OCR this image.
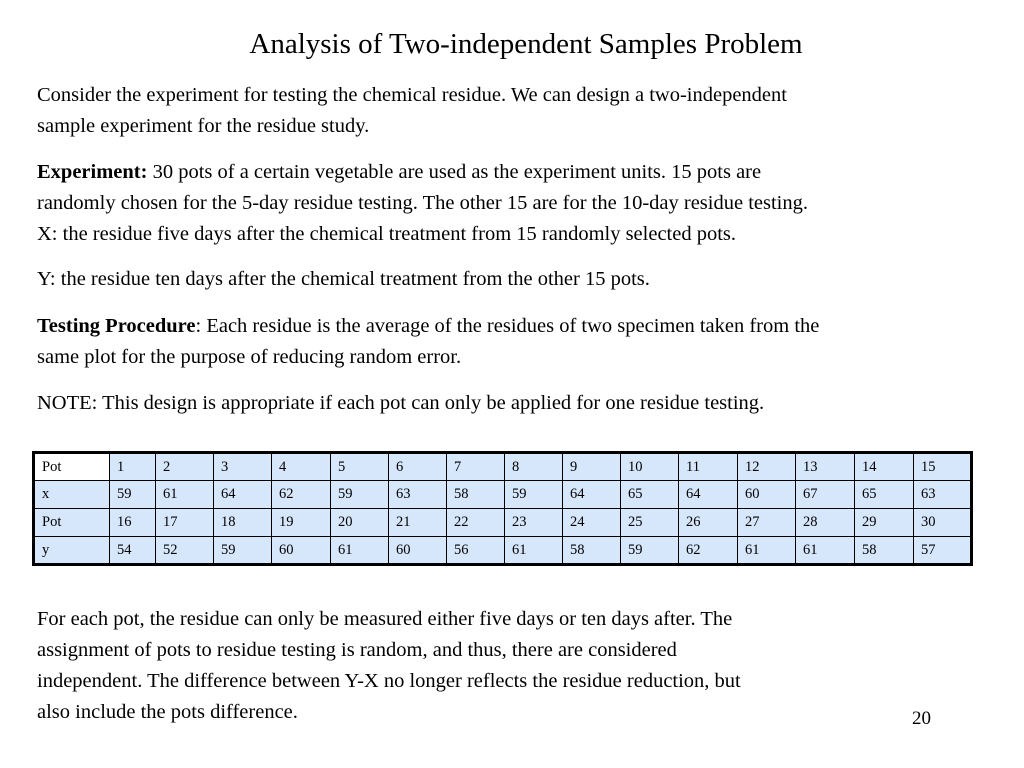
Analysis of Two-independent Samples Problem
Consider the experiment for testing the chemical residue. We can design a two-independent
sample experiment for the residue study.
Experiment: 30 pots of a certain vegetable are used as the experiment units. 15 pots are
randomly chosen for the 5-day residue testing. The other 15 are for the 10-day residue testing.
X: the residue five days after the chemical treatment from 15 randomly selected pots.
Y: the residue ten days after the chemical treatment from the other 15 pots.
Testing Procedure: Each residue is the average of the residues of two specimen taken from the
same plot for the purpose of reducing random error.
NOTE: This design is appropriate if each pot can only be applied for one residue testing.
Pot	1	2	3	4	5	6	7	8	9	10	11	12	13	14	15
x	59	61	64	62	59	63	58	59	64	65	64	60	67	65	63
Pot	16	17	18	19	20	21	22	23	24	25	26	27	28	29	30
y	54	52	59	60	61	60	56	61	58	59	62	61	61	58	57
For each pot, the residue can only be measured either five days or ten days after. The
assignment of pots to residue testing is random, and thus, there are considered
independent. The difference between Y-X no longer reflects the residue reduction, but
also include the pots difference.	20
